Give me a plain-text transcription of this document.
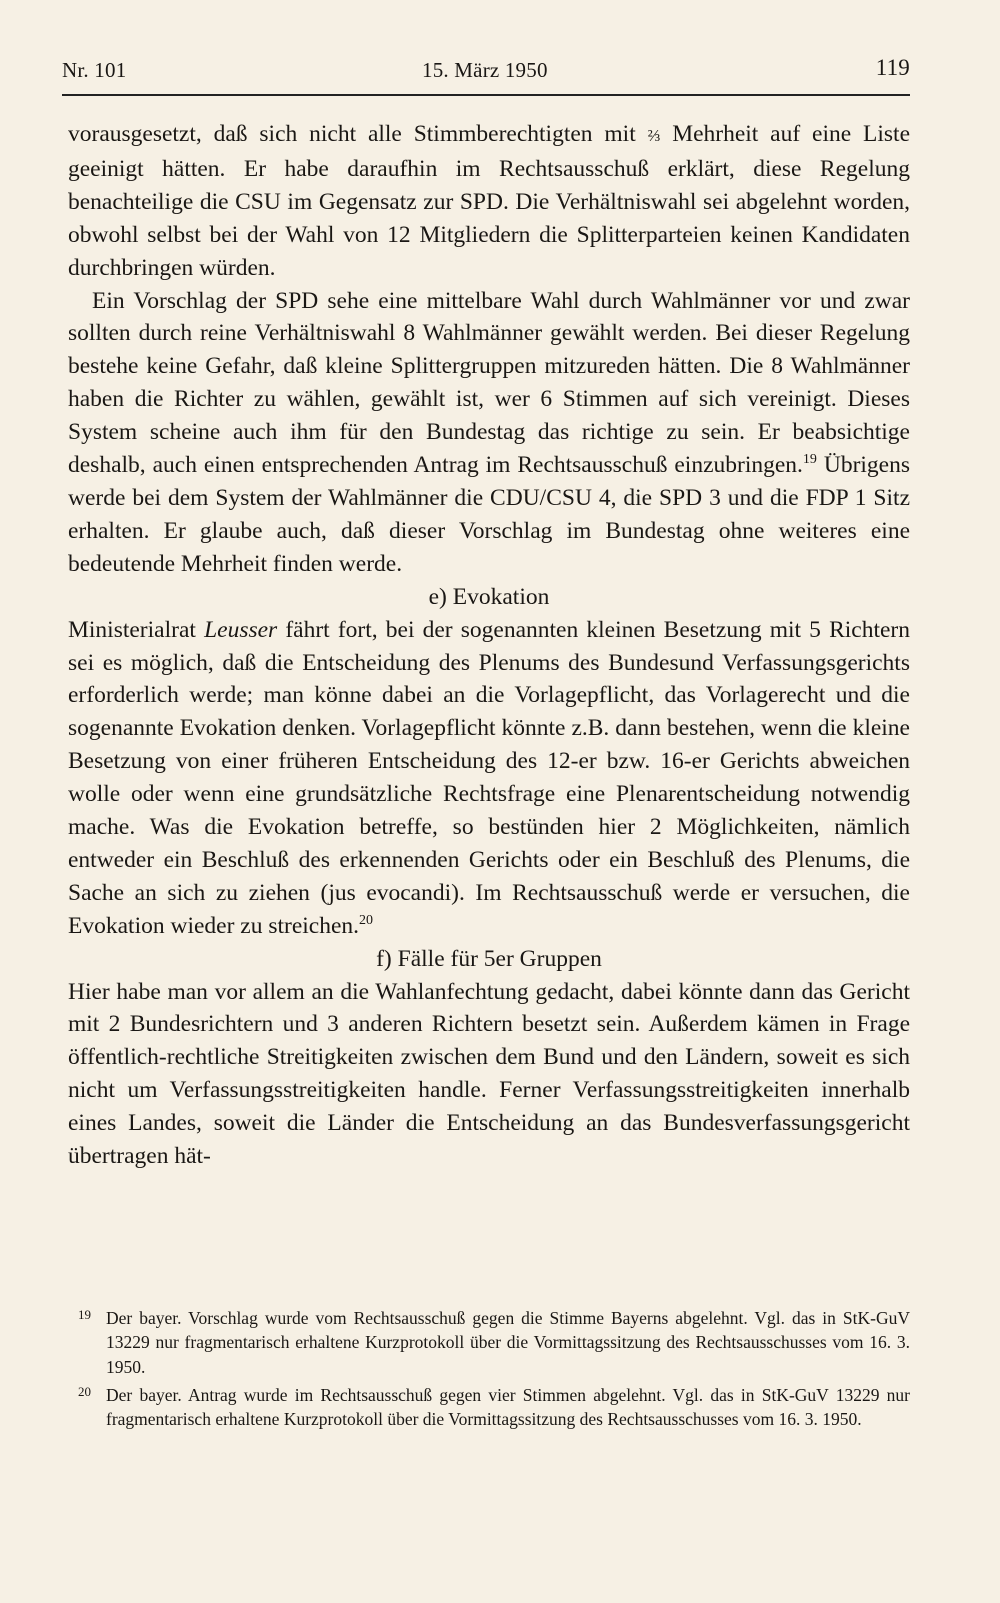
Nr. 101	15. März 1950	119

vorausgesetzt, daß sich nicht alle Stimmberechtigten mit ⅔ Mehrheit auf eine Liste geeinigt hätten. Er habe daraufhin im Rechtsausschuß erklärt, diese Regelung benachteilige die CSU im Gegensatz zur SPD. Die Verhältniswahl sei abgelehnt worden, obwohl selbst bei der Wahl von 12 Mitgliedern die Splitterparteien keinen Kandidaten durchbringen würden.

Ein Vorschlag der SPD sehe eine mittelbare Wahl durch Wahlmänner vor und zwar sollten durch reine Verhältniswahl 8 Wahlmänner gewählt werden. Bei dieser Regelung bestehe keine Gefahr, daß kleine Splittergruppen mitzureden hätten. Die 8 Wahlmänner haben die Richter zu wählen, gewählt ist, wer 6 Stimmen auf sich vereinigt. Dieses System scheine auch ihm für den Bundestag das richtige zu sein. Er beabsichtige deshalb, auch einen entsprechenden Antrag im Rechtsausschuß einzubringen.$^{19}$ Übrigens werde bei dem System der Wahlmänner die CDU/CSU 4, die SPD 3 und die FDP 1 Sitz erhalten. Er glaube auch, daß dieser Vorschlag im Bundestag ohne weiteres eine bedeutende Mehrheit finden werde.

e) Evokation

Ministerialrat Leusser fährt fort, bei der sogenannten kleinen Besetzung mit 5 Richtern sei es möglich, daß die Entscheidung des Plenums des Bundesund Verfassungsgerichts erforderlich werde; man könne dabei an die Vorlagepflicht, das Vorlagerecht und die sogenannte Evokation denken. Vorlagepflicht könnte z.B. dann bestehen, wenn die kleine Besetzung von einer früheren Entscheidung des 12-er bzw. 16-er Gerichts abweichen wolle oder wenn eine grundsätzliche Rechtsfrage eine Plenarentscheidung notwendig mache. Was die Evokation betreffe, so bestünden hier 2 Möglichkeiten, nämlich entweder ein Beschluß des erkennenden Gerichts oder ein Beschluß des Plenums, die Sache an sich zu ziehen (jus evocandi). Im Rechtsausschuß werde er versuchen, die Evokation wieder zu streichen.$^{20}$

f) Fälle für 5er Gruppen

Hier habe man vor allem an die Wahlanfechtung gedacht, dabei könnte dann das Gericht mit 2 Bundesrichtern und 3 anderen Richtern besetzt sein. Außerdem kämen in Frage öffentlich-rechtliche Streitigkeiten zwischen dem Bund und den Ländern, soweit es sich nicht um Verfassungsstreitigkeiten handle. Ferner Verfassungsstreitigkeiten innerhalb eines Landes, soweit die Länder die Entscheidung an das Bundesverfassungsgericht übertragen hät-

19 Der bayer. Vorschlag wurde vom Rechtsausschuß gegen die Stimme Bayerns abgelehnt. Vgl. das in StK-GuV 13229 nur fragmentarisch erhaltene Kurzprotokoll über die Vormittagssitzung des Rechtsausschusses vom 16. 3. 1950.

20 Der bayer. Antrag wurde im Rechtsausschuß gegen vier Stimmen abgelehnt. Vgl. das in StK-GuV 13229 nur fragmentarisch erhaltene Kurzprotokoll über die Vormittagssitzung des Rechtsausschusses vom 16. 3. 1950.
